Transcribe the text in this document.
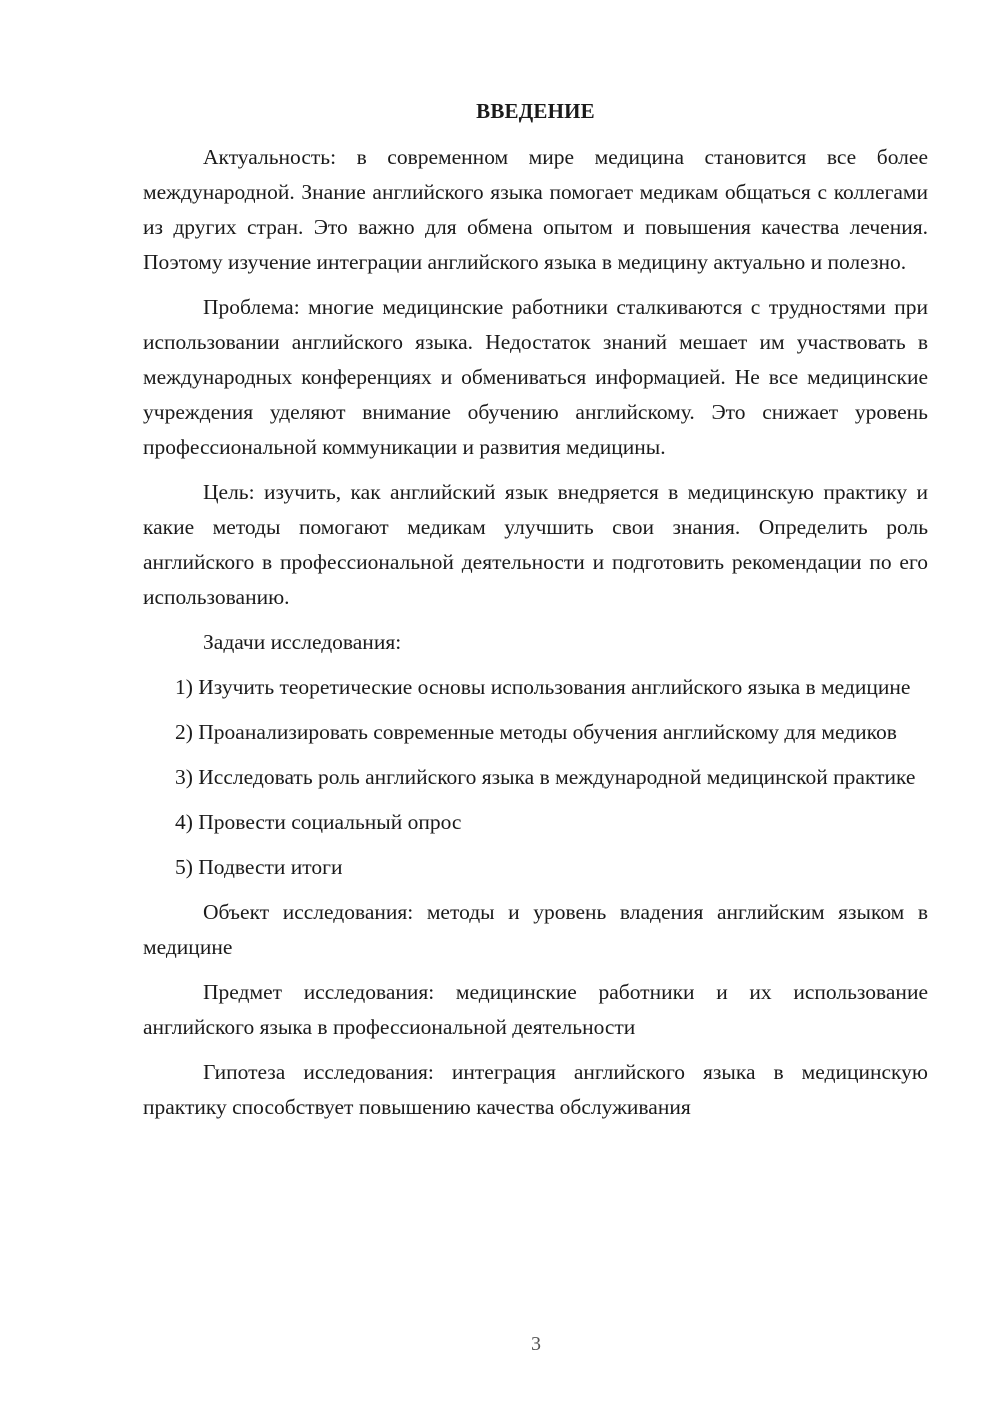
ВВЕДЕНИЕ

Актуальность: в современном мире медицина становится все более международной. Знание английского языка помогает медикам общаться с коллегами из других стран. Это важно для обмена опытом и повышения качества лечения. Поэтому изучение интеграции английского языка в медицину актуально и полезно.

Проблема: многие медицинские работники сталкиваются с трудностями при использовании английского языка. Недостаток знаний мешает им участвовать в международных конференциях и обмениваться информацией. Не все медицинские учреждения уделяют внимание обучению английскому. Это снижает уровень профессиональной коммуникации и развития медицины.

Цель: изучить, как английский язык внедряется в медицинскую практику и какие методы помогают медикам улучшить свои знания. Определить роль английского в профессиональной деятельности и подготовить рекомендации по его использованию.

Задачи исследования:

1) Изучить теоретические основы использования английского языка в медицине

2) Проанализировать современные методы обучения английскому для медиков

3) Исследовать роль английского языка в международной медицинской практике

4) Провести социальный опрос

5) Подвести итоги

Объект исследования: методы и уровень владения английским языком в медицине

Предмет исследования: медицинские работники и их использование английского языка в профессиональной деятельности

Гипотеза исследования: интеграция английского языка в медицинскую практику способствует повышению качества обслуживания

3
